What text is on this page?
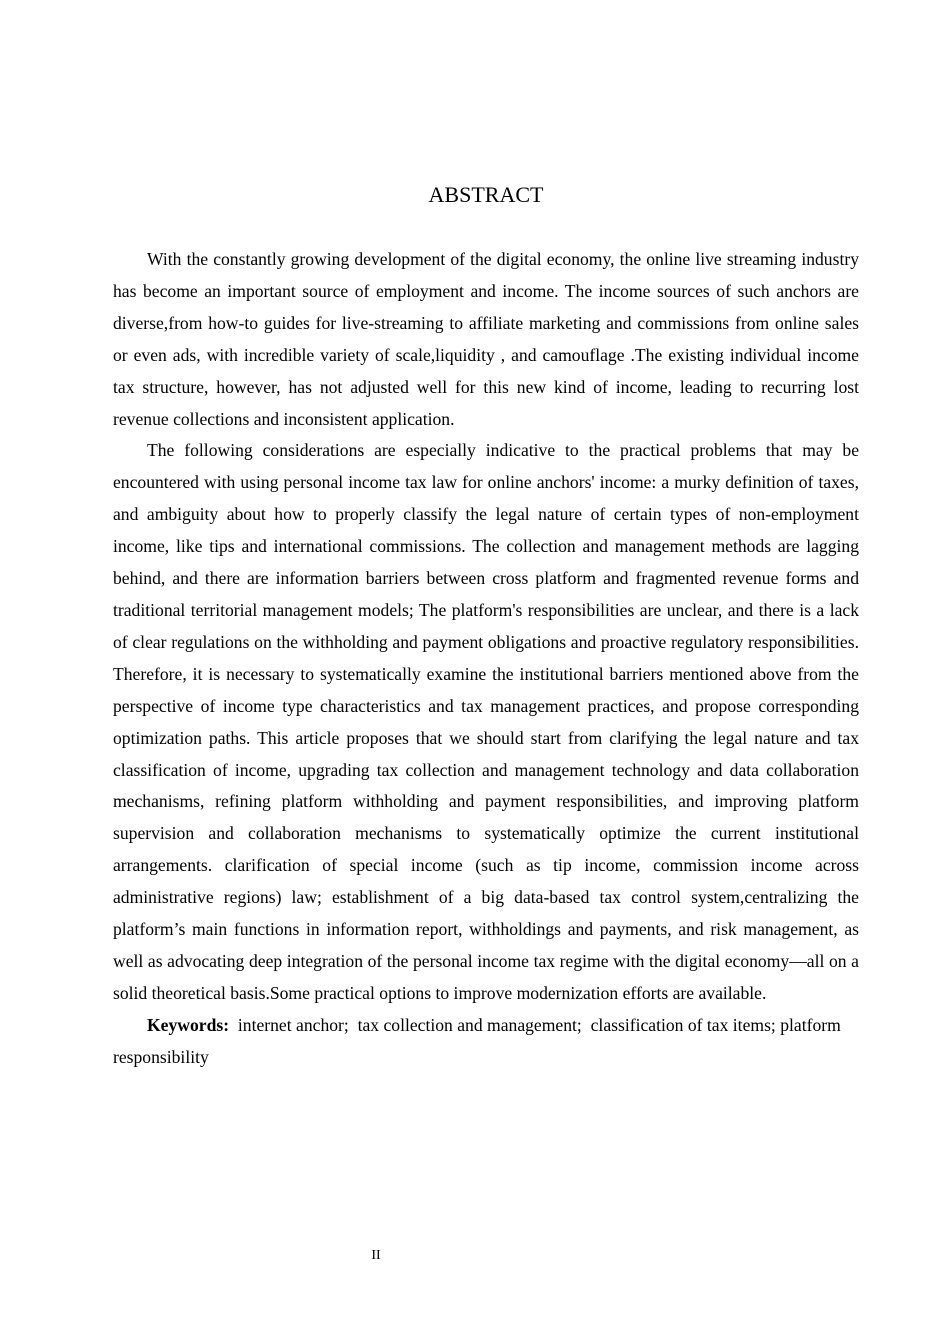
ABSTRACT

With the constantly growing development of the digital economy, the online live streaming industry has become an important source of employment and income. The income sources of such anchors are diverse,from how-to guides for live-streaming to affiliate marketing and commissions from online sales or even ads, with incredible variety of scale,liquidity , and camouflage .The existing individual income tax structure, however, has not adjusted well for this new kind of income, leading to recurring lost revenue collections and inconsistent application.

The following considerations are especially indicative to the practical problems that may be encountered with using personal income tax law for online anchors' income: a murky definition of taxes, and ambiguity about how to properly classify the legal nature of certain types of non-employment income, like tips and international commissions. The collection and management methods are lagging behind, and there are information barriers between cross platform and fragmented revenue forms and traditional territorial management models; The platform's responsibilities are unclear, and there is a lack of clear regulations on the withholding and payment obligations and proactive regulatory responsibilities. Therefore, it is necessary to systematically examine the institutional barriers mentioned above from the perspective of income type characteristics and tax management practices, and propose corresponding optimization paths. This article proposes that we should start from clarifying the legal nature and tax classification of income, upgrading tax collection and management technology and data collaboration mechanisms, refining platform withholding and payment responsibilities, and improving platform supervision and collaboration mechanisms to systematically optimize the current institutional arrangements. clarification of special income (such as tip income, commission income across administrative regions) law; establishment of a big data-based tax control system,centralizing the platform’s main functions in information report, withholdings and payments, and risk management, as well as advocating deep integration of the personal income tax regime with the digital economy—all on a solid theoretical basis.Some practical options to improve modernization efforts are available.

Keywords: internet anchor; tax collection and management; classification of tax items; platform responsibility

II
